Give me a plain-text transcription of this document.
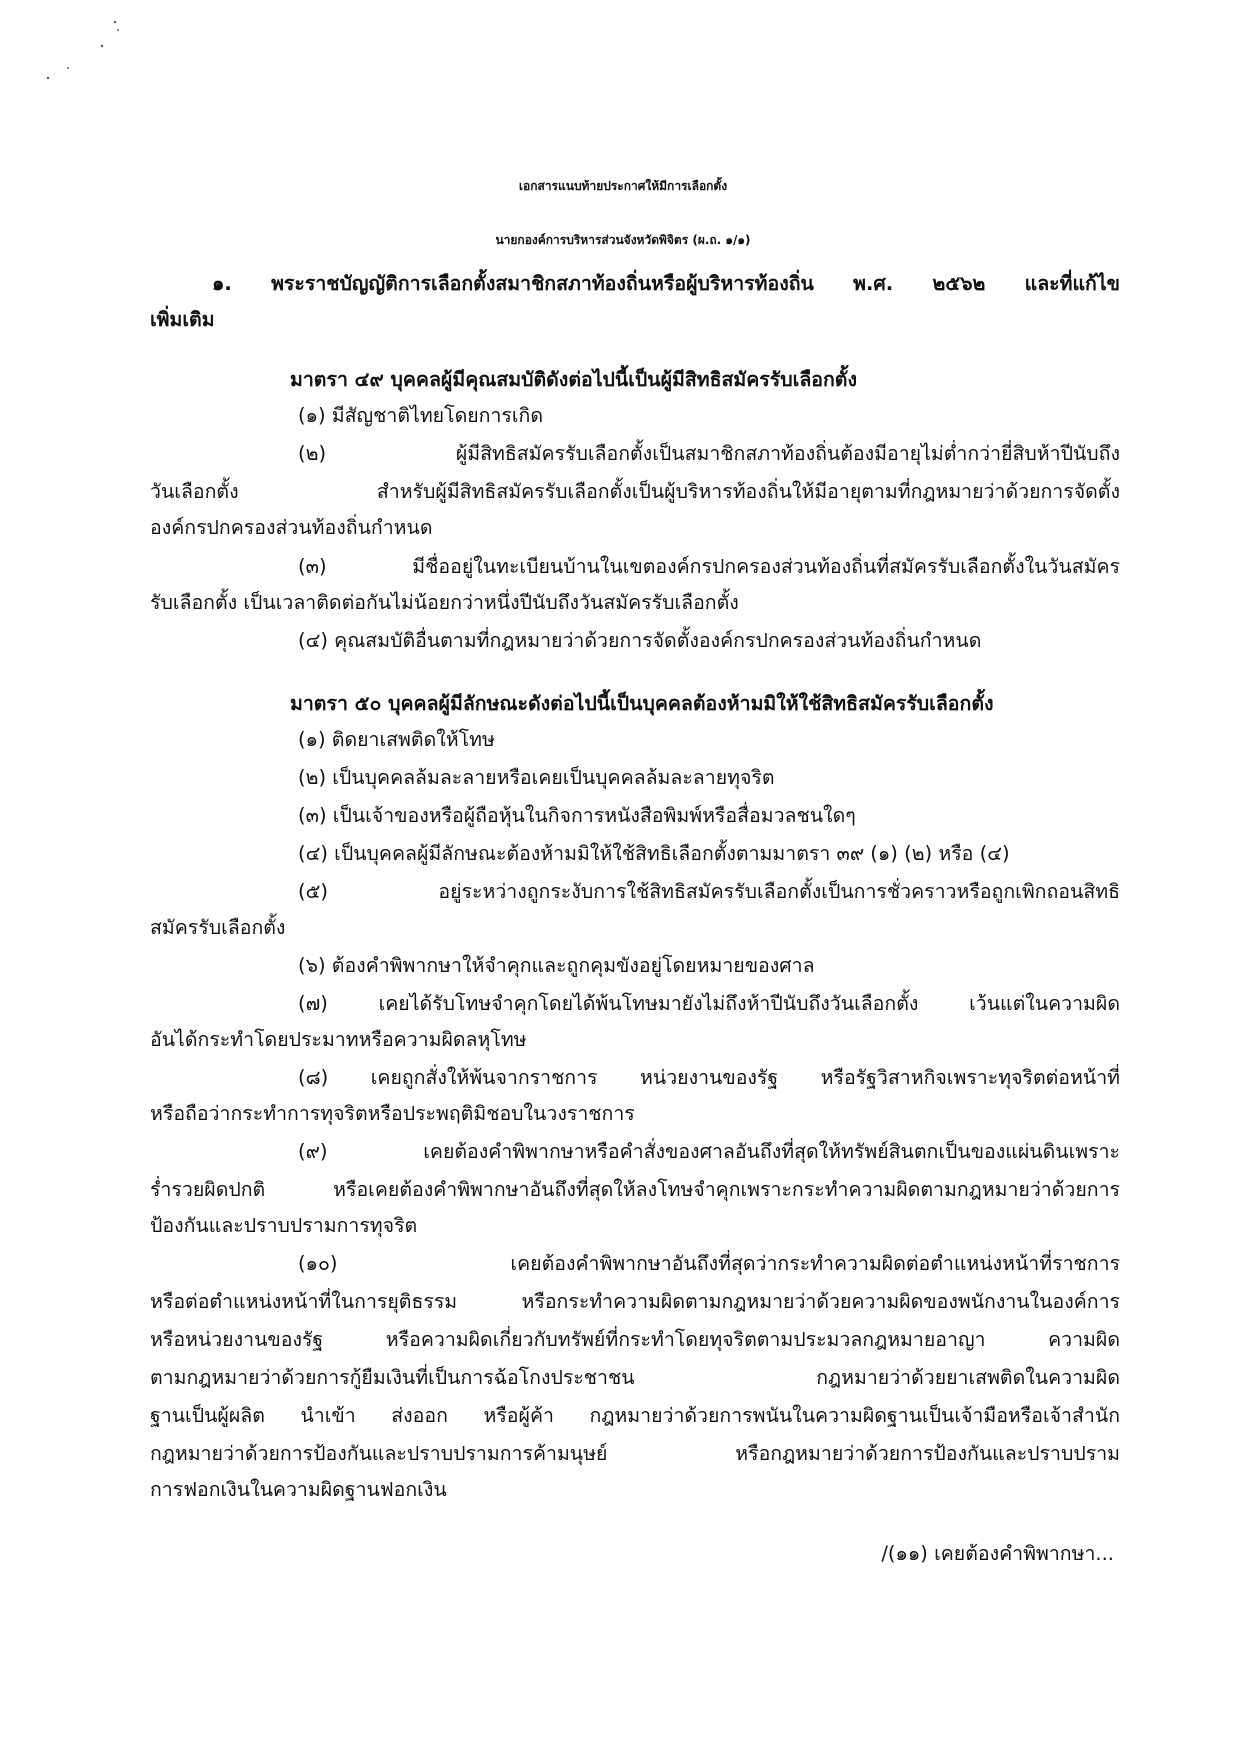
เอกสารแนบท้ายประกาศให้มีการเลือกตั้ง
นายกองค์การบริหารส่วนจังหวัดพิจิตร (ผ.ถ. ๑/๑)
๑. พระราชบัญญัติการเลือกตั้งสมาชิกสภาท้องถิ่นหรือผู้บริหารท้องถิ่น พ.ศ. ๒๕๖๒ และที่แก้ไข
เพิ่มเติม
มาตรา ๔๙ บุคคลผู้มีคุณสมบัติดังต่อไปนี้เป็นผู้มีสิทธิสมัครรับเลือกตั้ง
(๑) มีสัญชาติไทยโดยการเกิด
(๒) ผู้มีสิทธิสมัครรับเลือกตั้งเป็นสมาชิกสภาท้องถิ่นต้องมีอายุไม่ต่ำกว่ายี่สิบห้าปีนับถึง
วันเลือกตั้ง สำหรับผู้มีสิทธิสมัครรับเลือกตั้งเป็นผู้บริหารท้องถิ่นให้มีอายุตามที่กฎหมายว่าด้วยการจัดตั้ง
องค์กรปกครองส่วนท้องถิ่นกำหนด
(๓) มีชื่ออยู่ในทะเบียนบ้านในเขตองค์กรปกครองส่วนท้องถิ่นที่สมัครรับเลือกตั้งในวันสมัคร
รับเลือกตั้ง เป็นเวลาติดต่อกันไม่น้อยกว่าหนึ่งปีนับถึงวันสมัครรับเลือกตั้ง
(๔) คุณสมบัติอื่นตามที่กฎหมายว่าด้วยการจัดตั้งองค์กรปกครองส่วนท้องถิ่นกำหนด
มาตรา ๕๐ บุคคลผู้มีลักษณะดังต่อไปนี้เป็นบุคคลต้องห้ามมิให้ใช้สิทธิสมัครรับเลือกตั้ง
(๑) ติดยาเสพติดให้โทษ
(๒) เป็นบุคคลล้มละลายหรือเคยเป็นบุคคลล้มละลายทุจริต
(๓) เป็นเจ้าของหรือผู้ถือหุ้นในกิจการหนังสือพิมพ์หรือสื่อมวลชนใดๆ
(๔) เป็นบุคคลผู้มีลักษณะต้องห้ามมิให้ใช้สิทธิเลือกตั้งตามมาตรา ๓๙ (๑) (๒) หรือ (๔)
(๕) อยู่ระหว่างถูกระงับการใช้สิทธิสมัครรับเลือกตั้งเป็นการชั่วคราวหรือถูกเพิกถอนสิทธิ
สมัครรับเลือกตั้ง
(๖) ต้องคำพิพากษาให้จำคุกและถูกคุมขังอยู่โดยหมายของศาล
(๗) เคยได้รับโทษจำคุกโดยได้พ้นโทษมายังไม่ถึงห้าปีนับถึงวันเลือกตั้ง เว้นแต่ในความผิด
อันได้กระทำโดยประมาทหรือความผิดลหุโทษ
(๘) เคยถูกสั่งให้พ้นจากราชการ หน่วยงานของรัฐ หรือรัฐวิสาหกิจเพราะทุจริตต่อหน้าที่
หรือถือว่ากระทำการทุจริตหรือประพฤติมิชอบในวงราชการ
(๙) เคยต้องคำพิพากษาหรือคำสั่งของศาลอันถึงที่สุดให้ทรัพย์สินตกเป็นของแผ่นดินเพราะ
ร่ำรวยผิดปกติ หรือเคยต้องคำพิพากษาอันถึงที่สุดให้ลงโทษจำคุกเพราะกระทำความผิดตามกฎหมายว่าด้วยการ
ป้องกันและปราบปรามการทุจริต
(๑๐) เคยต้องคำพิพากษาอันถึงที่สุดว่ากระทำความผิดต่อตำแหน่งหน้าที่ราชการ
หรือต่อตำแหน่งหน้าที่ในการยุติธรรม หรือกระทำความผิดตามกฎหมายว่าด้วยความผิดของพนักงานในองค์การ
หรือหน่วยงานของรัฐ หรือความผิดเกี่ยวกับทรัพย์ที่กระทำโดยทุจริตตามประมวลกฎหมายอาญา ความผิด
ตามกฎหมายว่าด้วยการกู้ยืมเงินที่เป็นการฉ้อโกงประชาชน กฎหมายว่าด้วยยาเสพติดในความผิด
ฐานเป็นผู้ผลิต นำเข้า ส่งออก หรือผู้ค้า กฎหมายว่าด้วยการพนันในความผิดฐานเป็นเจ้ามือหรือเจ้าสำนัก
กฎหมายว่าด้วยการป้องกันและปราบปรามการค้ามนุษย์ หรือกฎหมายว่าด้วยการป้องกันและปราบปราม
การฟอกเงินในความผิดฐานฟอกเงิน
/(๑๑) เคยต้องคำพิพากษา...
